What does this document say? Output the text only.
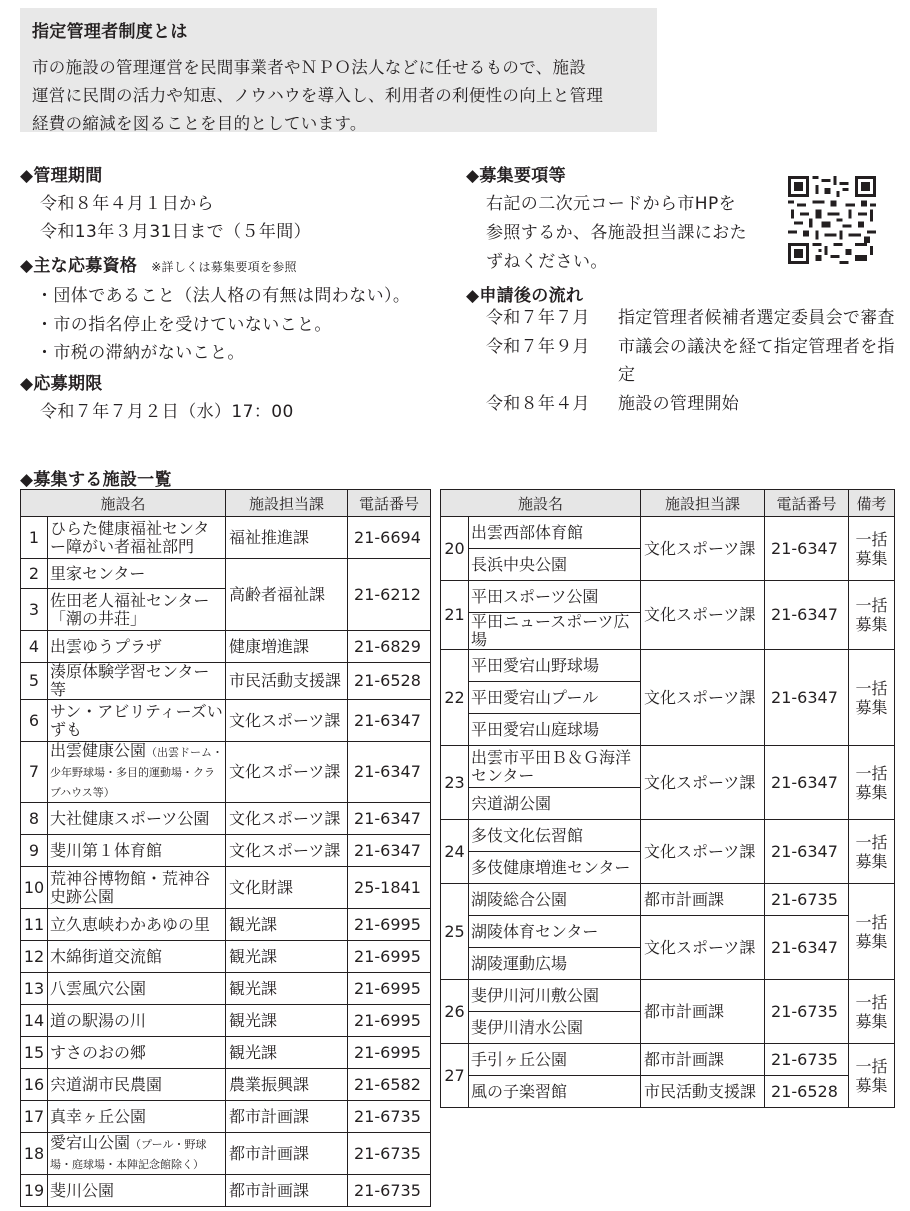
指定管理者制度とは

市の施設の管理運営を民間事業者やＮＰＯ法人などに任せるもので、施設
運営に民間の活力や知恵、ノウハウを導入し、利用者の利便性の向上と管理
経費の縮減を図ることを目的としています。

◆管理期間
令和８年４月１日から
令和13年３月31日まで（５年間）
◆主な応募資格 ※詳しくは募集要項を参照
・団体であること（法人格の有無は問わない）。
・市の指名停止を受けていないこと。
・市税の滞納がないこと。
◆応募期限
令和７年７月２日（水）17：00
◆募集要項等
右記の二次元コードから市HPを
参照するか、各施設担当課におた
ずねください。
◆申請後の流れ
令和７年７月 指定管理者候補者選定委員会で審査
令和７年９月 市議会の議決を経て指定管理者を指定
令和８年４月 施設の管理開始
◆募集する施設一覧
施設名		施設担当課	電話番号
1	ひらた健康福祉センター障がい者福祉部門	福祉推進課	21-6694
2	里家センター	高齢者福祉課	21-6212
3	佐田老人福祉センター「潮の井荘」		
4	出雲ゆうプラザ	健康増進課	21-6829
5	湊原体験学習センター等	市民活動支援課	21-6528
6	サン・アビリティーズいずも	文化スポーツ課	21-6347
7	出雲健康公園（出雲ドーム・少年野球場・多目的運動場・クラブハウス等）	文化スポーツ課	21-6347
8	大社健康スポーツ公園	文化スポーツ課	21-6347
9	斐川第１体育館	文化スポーツ課	21-6347
10	荒神谷博物館・荒神谷史跡公園	文化財課	25-1841
11	立久恵峡わかあゆの里	観光課	21-6995
12	木綿街道交流館	観光課	21-6995
13	八雲風穴公園	観光課	21-6995
14	道の駅湯の川	観光課	21-6995
15	すさのおの郷	観光課	21-6995
16	宍道湖市民農園	農業振興課	21-6582
17	真幸ヶ丘公園	都市計画課	21-6735
18	愛宕山公園（プール・野球場・庭球場・本陣記念館除く）	都市計画課	21-6735
19	斐川公園	都市計画課	21-6735
施設名		施設担当課	電話番号	備考
20	出雲西部体育館	文化スポーツ課	21-6347	一括募集
	長浜中央公園			
21	平田スポーツ公園	文化スポーツ課	21-6347	一括募集
	平田ニュースポーツ広場			
22	平田愛宕山野球場	文化スポーツ課	21-6347	一括募集
	平田愛宕山プール			
	平田愛宕山庭球場			
23	出雲市平田Ｂ＆Ｇ海洋センター	文化スポーツ課	21-6347	一括募集
	宍道湖公園			
24	多伎文化伝習館	文化スポーツ課	21-6347	一括募集
	多伎健康増進センター			
25	湖陵総合公園	都市計画課	21-6735	一括募集
	湖陵体育センター	文化スポーツ課	21-6347	
	湖陵運動広場			
26	斐伊川河川敷公園	都市計画課	21-6735	一括募集
	斐伊川清水公園			
27	手引ヶ丘公園	都市計画課	21-6735	一括募集
	風の子楽習館	市民活動支援課	21-6528	
